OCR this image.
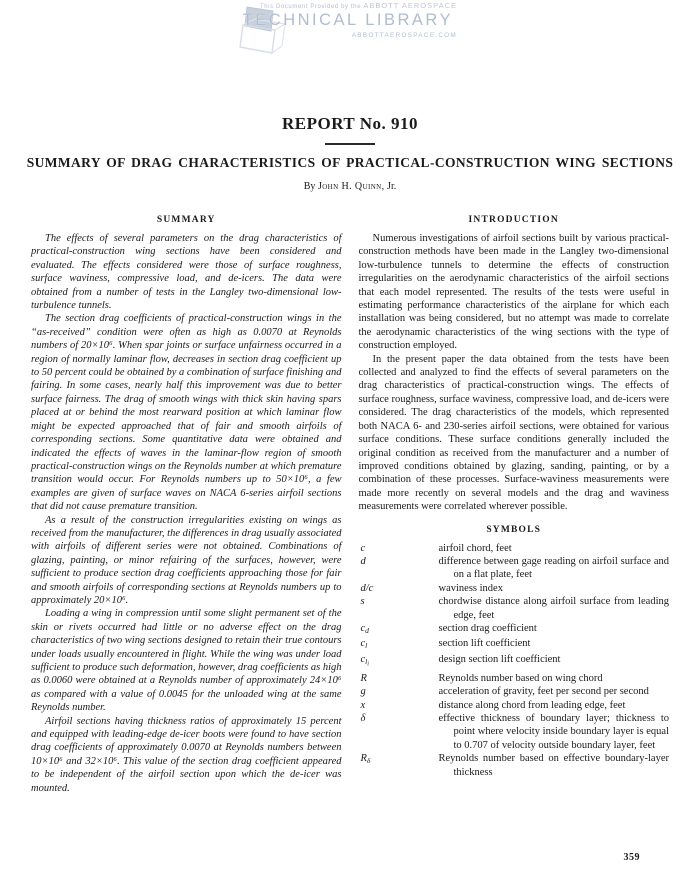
This Document Provided by the ABBOTT AEROSPACE
TECHNICAL LIBRARY
ABBOTTAEROSPACE.COM
REPORT No. 910
SUMMARY OF DRAG CHARACTERISTICS OF PRACTICAL-CONSTRUCTION WING SECTIONS
By John H. Quinn, Jr.
SUMMARY

The effects of several parameters on the drag characteristics of practical-construction wing sections have been considered and evaluated. The effects considered were those of surface roughness, surface waviness, compressive load, and de-icers. The data were obtained from a number of tests in the Langley two-dimensional low-turbulence tunnels.

The section drag coefficients of practical-construction wings in the “as-received” condition were often as high as 0.0070 at Reynolds numbers of 20×10⁶. When spar joints or surface unfairness occurred in a region of normally laminar flow, decreases in section drag coefficient up to 50 percent could be obtained by a combination of surface finishing and fairing. In some cases, nearly half this improvement was due to better surface fairness. The drag of smooth wings with thick skin having spars placed at or behind the most rearward position at which laminar flow might be expected approached that of fair and smooth airfoils of corresponding sections. Some quantitative data were obtained and indicated the effects of waves in the laminar-flow region of smooth practical-construction wings on the Reynolds number at which premature transition would occur. For Reynolds numbers up to 50×10⁶, a few examples are given of surface waves on NACA 6-series airfoil sections that did not cause premature transition.

As a result of the construction irregularities existing on wings as received from the manufacturer, the differences in drag usually associated with airfoils of different series were not obtained. Combinations of glazing, painting, or minor refairing of the surfaces, however, were sufficient to produce section drag coefficients approaching those for fair and smooth airfoils of corresponding sections at Reynolds numbers up to approximately 20×10⁶.

Loading a wing in compression until some slight permanent set of the skin or rivets occurred had little or no adverse effect on the drag characteristics of two wing sections designed to retain their true contours under loads usually encountered in flight. While the wing was under load sufficient to produce such deformation, however, drag coefficients as high as 0.0060 were obtained at a Reynolds number of approximately 24×10⁶ as compared with a value of 0.0045 for the unloaded wing at the same Reynolds number.

Airfoil sections having thickness ratios of approximately 15 percent and equipped with leading-edge de-icer boots were found to have section drag coefficients of approximately 0.0070 at Reynolds numbers between 10×10⁶ and 32×10⁶. This value of the section drag coefficient appeared to be independent of the airfoil section upon which the de-icer was mounted.

INTRODUCTION

Numerous investigations of airfoil sections built by various practical-construction methods have been made in the Langley two-dimensional low-turbulence tunnels to determine the effects of construction irregularities on the aerodynamic characteristics of the airfoil sections that each model represented. The results of the tests were useful in estimating performance characteristics of the airplane for which each installation was being considered, but no attempt was made to correlate the aerodynamic characteristics of the wing sections with the type of construction employed.

In the present paper the data obtained from the tests have been collected and analyzed to find the effects of several parameters on the drag characteristics of practical-construction wings. The effects of surface roughness, surface waviness, compressive load, and de-icers were considered. The drag characteristics of the models, which represented both NACA 6- and 230-series airfoil sections, were obtained for various surface conditions. These surface conditions generally included the original condition as received from the manufacturer and a number of improved conditions obtained by glazing, sanding, painting, or by a combination of these processes. Surface-waviness measurements were made more recently on several models and the drag and waviness measurements were correlated wherever possible.

SYMBOLS
c	airfoil chord, feet
d	difference between gage reading on airfoil surface and on a flat plate, feet
d/c	waviness index
s	chordwise distance along airfoil surface from leading edge, feet
cd	section drag coefficient
cl	section lift coefficient
$cl_i$	design section lift coefficient
R	Reynolds number based on wing chord
g	acceleration of gravity, feet per second per second
x	distance along chord from leading edge, feet
δ	effective thickness of boundary layer; thickness to point where velocity inside boundary layer is equal to 0.707 of velocity outside boundary layer, feet
Rδ	Reynolds number based on effective boundary-layer thickness
359
